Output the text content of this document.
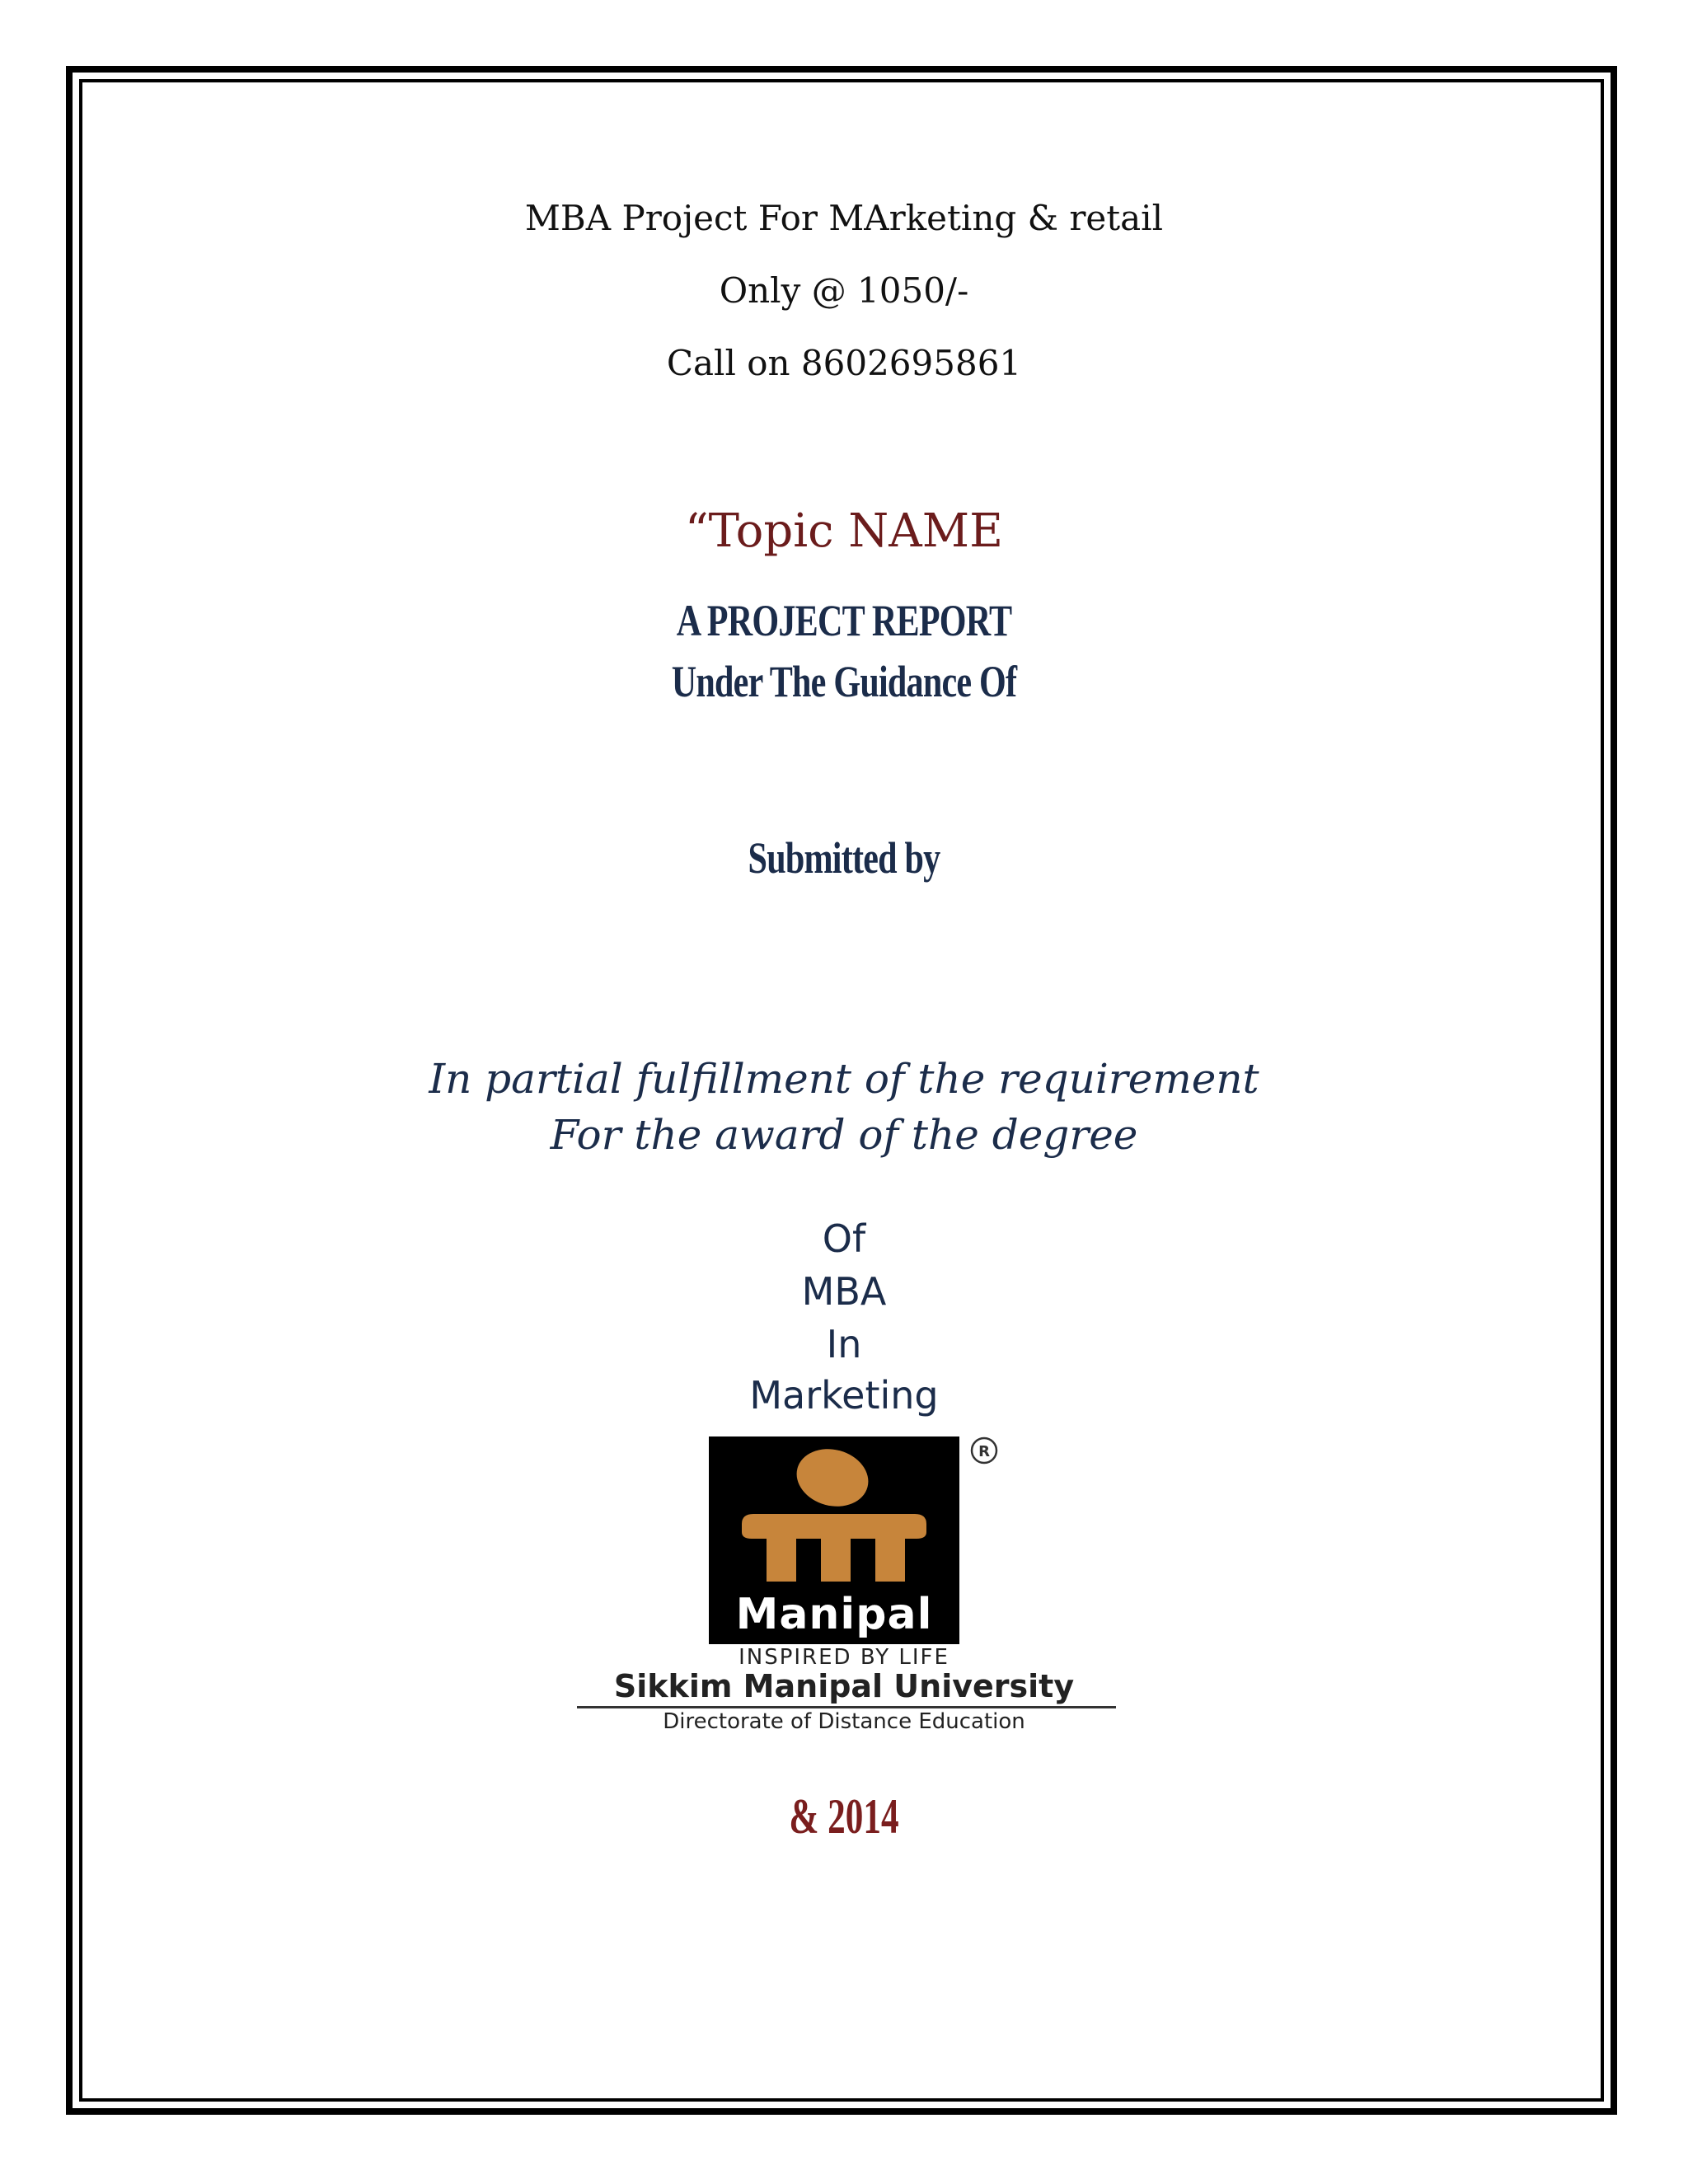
MBA Project For MArketing & retail
Only @ 1050/-
Call on 8602695861
“Topic NAME
A PROJECT REPORT
Under The Guidance Of
Submitted by
In partial fulfillment of the requirement
For the award of the degree
Of
MBA
In
Marketing
Manipal
R
INSPIRED BY LIFE
Sikkim Manipal University
Directorate of Distance Education
& 2014
